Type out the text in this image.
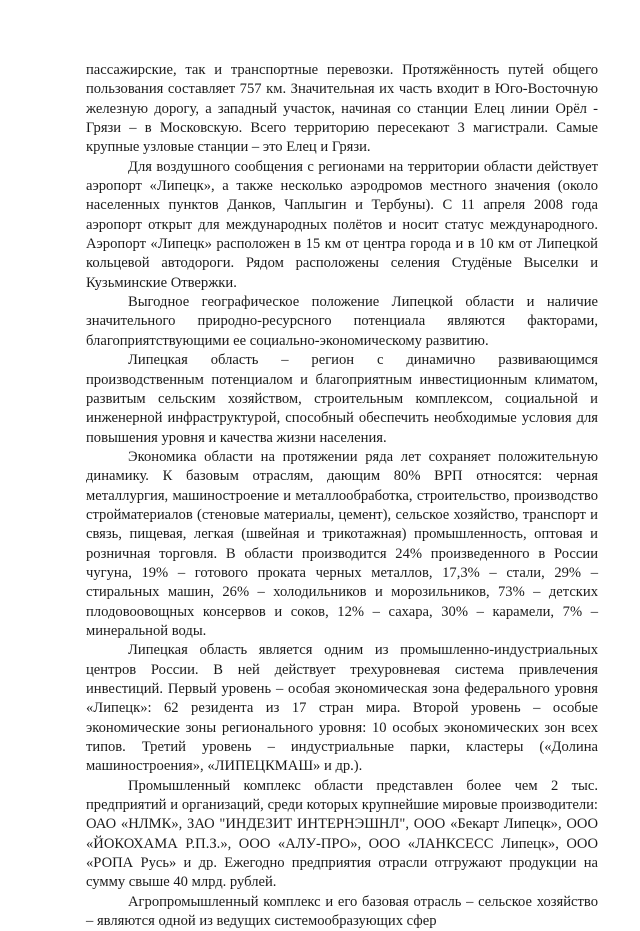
пассажирские, так и транспортные перевозки. Протяжённость путей общего пользования составляет 757 км. Значительная их часть входит в Юго-Восточную железную дорогу, а западный участок, начиная со станции Елец линии Орёл - Грязи – в Московскую. Всего территорию пересекают 3 магистрали. Самые крупные узловые станции – это Елец и Грязи.

Для воздушного сообщения с регионами на территории области действует аэропорт «Липецк», а также несколько аэродромов местного значения (около населенных пунктов Данков, Чаплыгин и Тербуны). С 11 апреля 2008 года аэропорт открыт для международных полётов и носит статус международного. Аэропорт «Липецк» расположен в 15 км от центра города и в 10 км от Липецкой кольцевой автодороги. Рядом расположены селения Студёные Выселки и Кузьминские Отвержки.

Выгодное географическое положение Липецкой области и наличие значительного природно-ресурсного потенциала являются факторами, благоприятствующими ее социально-экономическому развитию.

Липецкая область – регион с динамично развивающимся производственным потенциалом и благоприятным инвестиционным климатом, развитым сельским хозяйством, строительным комплексом, социальной и инженерной инфраструктурой, способный обеспечить необходимые условия для повышения уровня и качества жизни населения.

Экономика области на протяжении ряда лет сохраняет положительную динамику. К базовым отраслям, дающим 80% ВРП относятся: черная металлургия, машиностроение и металлообработка, строительство, производство стройматериалов (стеновые материалы, цемент), сельское хозяйство, транспорт и связь, пищевая, легкая (швейная и трикотажная) промышленность, оптовая и розничная торговля. В области производится 24% произведенного в России чугуна, 19% – готового проката черных металлов, 17,3% – стали, 29% – стиральных машин, 26% – холодильников и морозильников, 73% – детских плодовоовощных консервов и соков, 12% – сахара, 30% – карамели, 7% – минеральной воды.

Липецкая область является одним из промышленно-индустриальных центров России. В ней действует трехуровневая система привлечения инвестиций. Первый уровень – особая экономическая зона федерального уровня «Липецк»: 62 резидента из 17 стран мира. Второй уровень – особые экономические зоны регионального уровня: 10 особых экономических зон всех типов. Третий уровень – индустриальные парки, кластеры («Долина машиностроения», «ЛИПЕЦКМАШ» и др.).

Промышленный комплекс области представлен более чем 2 тыс. предприятий и организаций, среди которых крупнейшие мировые производители: ОАО «НЛМК», ЗАО "ИНДЕЗИТ ИНТЕРНЭШНЛ", ООО «Бекарт Липецк», ООО «ЙОКОХАМА Р.П.З.», ООО «АЛУ-ПРО», ООО «ЛАНКСЕСС Липецк», ООО «РОПА Русь» и др. Ежегодно предприятия отрасли отгружают продукции на сумму свыше 40 млрд. рублей.

Агропромышленный комплекс и его базовая отрасль – сельское хозяйство – являются одной из ведущих системообразующих сфер
